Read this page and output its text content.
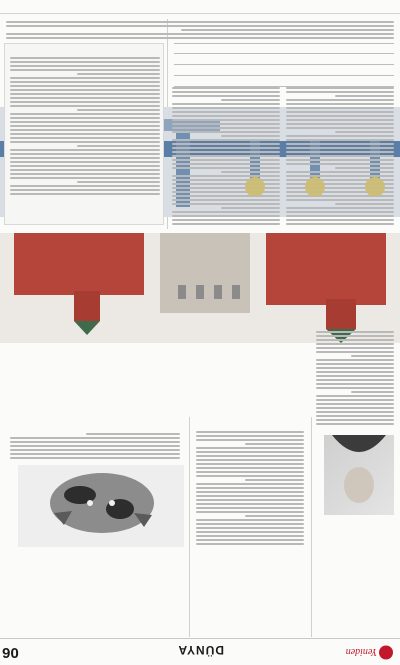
06	DÜNYA	Yeniden
